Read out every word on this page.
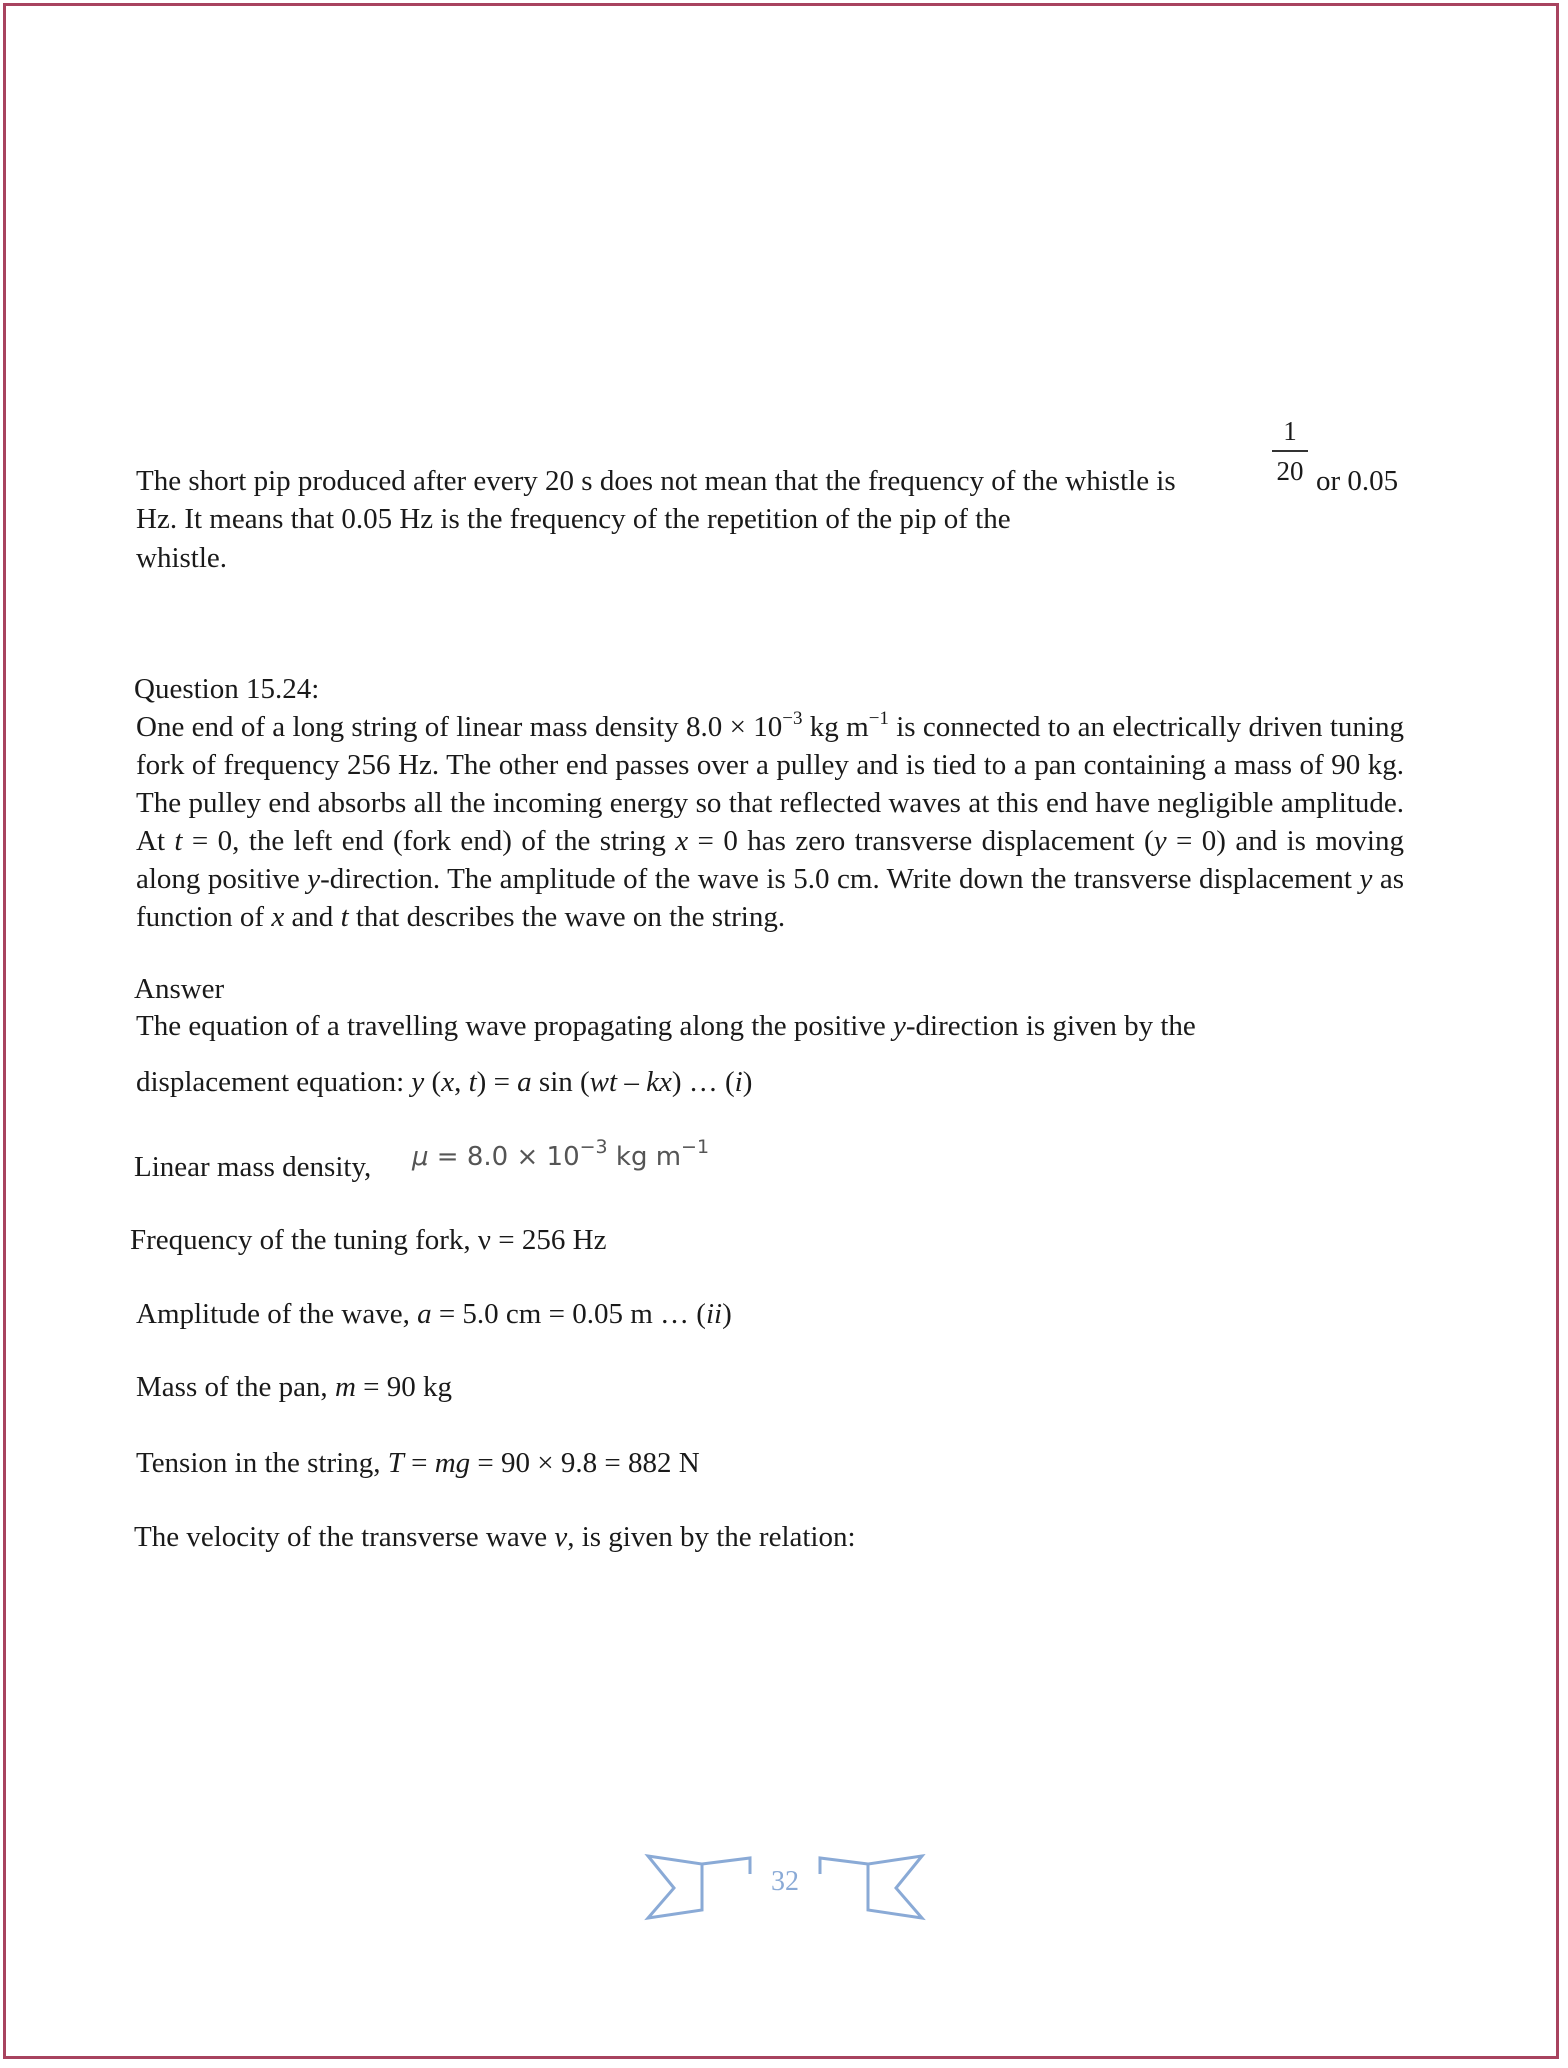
The short pip produced after every 20 s does not mean that the frequency of the whistle is
1
20 or 0.05
Hz. It means that 0.05 Hz is the frequency of the repetition of the pip of the
whistle.
Question 15.24:
One end of a long string of linear mass density $8.0 \times 10^{-3}$ kg $m^{-1}$ is connected to an electrically driven tuning fork of frequency 256 Hz. The other end passes over a pulley and is tied to a pan containing a mass of 90 kg. The pulley end absorbs all the incoming energy so that reflected waves at this end have negligible amplitude. At t = 0, the left end (fork end) of the string x = 0 has zero transverse displacement (y = 0) and is moving along positive y-direction. The amplitude of the wave is 5.0 cm. Write down the transverse displacement y as function of x and t that describes the wave on the string.
Answer
The equation of a travelling wave propagating along the positive y-direction is given by the
displacement equation: y (x, t) = a sin (wt – kx) … (i)
Linear mass density, $\mu = 8.0 \times 10^{-3}$ kg $m^{-1}$
Frequency of the tuning fork, ν = 256 Hz
Amplitude of the wave, a = 5.0 cm = 0.05 m … (ii)
Mass of the pan, m = 90 kg
Tension in the string, T = mg = 90 × 9.8 = 882 N
The velocity of the transverse wave v, is given by the relation:
32
